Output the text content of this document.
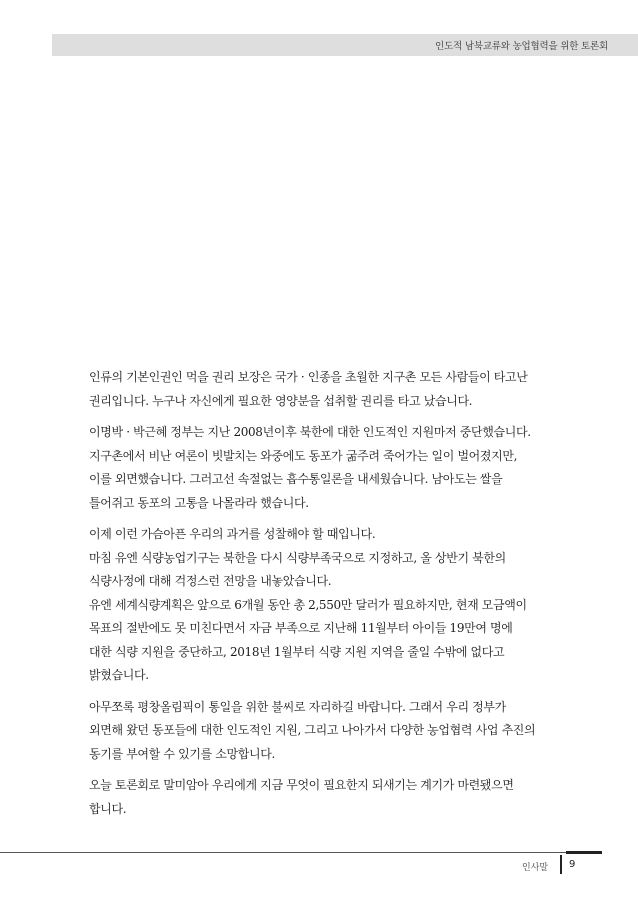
인도적 남북교류와 농업협력을 위한 토론회

인류의 기본인권인 먹을 권리 보장은 국가 · 인종을 초월한 지구촌 모든 사람들이 타고난

권리입니다. 누구나 자신에게 필요한 영양분을 섭취할 권리를 타고 났습니다.

이명박 · 박근혜 정부는 지난 2008년이후 북한에 대한 인도적인 지원마저 중단했습니다.

지구촌에서 비난 여론이 빗발치는 와중에도 동포가 굶주려 죽어가는 일이 벌어졌지만,

이를 외면했습니다. 그러고선 속절없는 흡수통일론을 내세웠습니다. 남아도는 쌀을

틀어쥐고 동포의 고통을 나몰라라 했습니다.

이제 이런 가슴아픈 우리의 과거를 성찰해야 할 때입니다.

마침 유엔 식량농업기구는 북한을 다시 식량부족국으로 지정하고, 올 상반기 북한의

식량사정에 대해 걱정스런 전망을 내놓았습니다.

유엔 세계식량계획은 앞으로 6개월 동안 총 2,550만 달러가 필요하지만, 현재 모금액이

목표의 절반에도 못 미친다면서 자금 부족으로 지난해 11월부터 아이들 19만여 명에

대한 식량 지원을 중단하고, 2018년 1월부터 식량 지원 지역을 줄일 수밖에 없다고

밝혔습니다.

아무쪼록 평창올림픽이 통일을 위한 불씨로 자리하길 바랍니다. 그래서 우리 정부가

외면해 왔던 동포들에 대한 인도적인 지원, 그리고 나아가서 다양한 농업협력 사업 추진의

동기를 부여할 수 있기를 소망합니다.

오늘 토론회로 말미암아 우리에게 지금 무엇이 필요한지 되새기는 계기가 마련됐으면

합니다.

인사말 9
